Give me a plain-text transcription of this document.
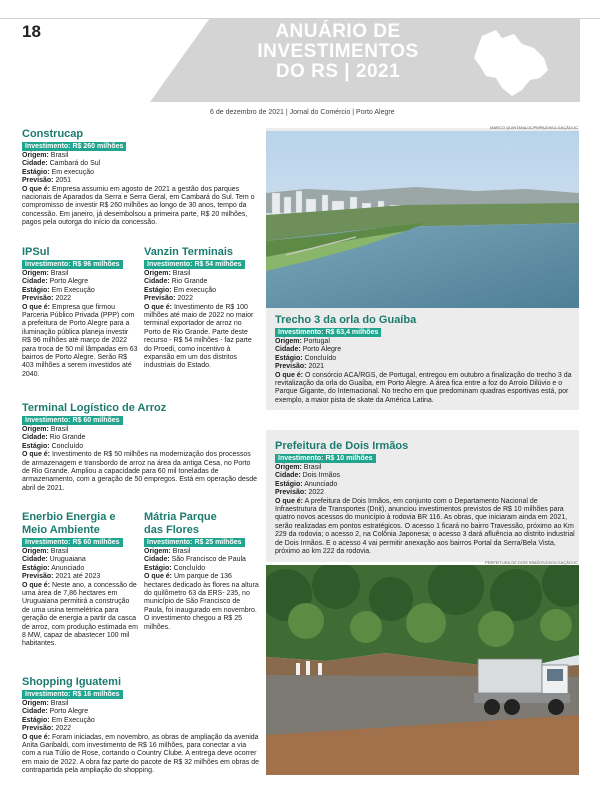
18	ANUÁRIO DE
INVESTIMENTOS
DO RS | 2021
6 de dezembro de 2021 | Jornal do Comércio | Porto Alegre
Construcap
Investimento: R$ 260 milhões
Origem: Brasil
Cidade: Cambará do Sul
Estágio: Em execução
Previsão: 2051
O que é: Empresa assumiu em agosto de 2021 a gestão dos parques nacionais de Aparados da Serra e Serra Geral, em Cambará do Sul. Tem o compromisso de investir R$ 260 milhões ao longo de 30 anos, tempo da concessão. Em janeiro, já desembolsou a primeira parte, R$ 20 milhões, pagos pela outorga do início da concessão.
IPSul
Investimento: R$ 96 milhões
Origem: Brasil
Cidade: Porto Alegre
Estágio: Em Execução
Previsão: 2022
O que é: Empresa que firmou Parceria Público Privada (PPP) com a prefeitura de Porto Alegre para a iluminação pública planeja investir R$ 96 milhões até março de 2022 para troca de 50 mil lâmpadas em 63 bairros de Porto Alegre. Serão R$ 403 milhões a serem investidos até 2040.
Vanzin Terminais
Investimento: R$ 54 milhões
Origem: Brasil
Cidade: Rio Grande
Estágio: Em execução
Previsão: 2022
O que é: Investimento de R$ 100 milhões até maio de 2022 no maior terminal exportador de arroz no Porto de Rio Grande. Parte deste recurso - R$ 54 milhões - faz parte do Proedi, como incentivo à expansão em um dos distritos industriais do Estado.
Terminal Logístico de Arroz
Investimento: R$ 60 milhões
Origem: Brasil
Cidade: Rio Grande
Estágio: Concluído
O que é: Investimento de R$ 50 milhões na modernização dos processos de armazenagem e transbordo de arroz na área da antiga Cesa, no Porto de Rio Grande. Ampliou a capacidade para 60 mil toneladas de armazenamento, com a geração de 50 empregos. Está em operação desde abril de 2021.
Enerbio Energia e
Meio Ambiente
Investimento: R$ 60 milhões
Origem: Brasil
Cidade: Uruguaiana
Estágio: Anunciado
Previsão: 2021 até 2023
O que é: Neste ano, a concessão de uma área de 7,86 hectares em Uruguaiana permitirá a construção de uma usina termelétrica para geração de energia a partir da casca de arroz, com produção estimada em 8 MW, capaz de abastecer 100 mil habitantes.
Mátria Parque
das Flores
Investimento: R$ 25 milhões
Origem: Brasil
Cidade: São Francisco de Paula
Estágio: Concluído
O que é: Um parque de 136 hectares dedicado às flores na altura do quilômetro 63 da ERS- 235, no município de São Francisco de Paula, foi inaugurado em novembro. O investimento chegou a R$ 25 milhões.
Shopping Iguatemi
Investimento: R$ 16 milhões
Origem: Brasil
Cidade: Porto Alegre
Estágio: Em Execução
Previsão: 2022
O que é: Foram iniciadas, em novembro, as obras de ampliação da avenida Anita Garibaldi, com investimento de R$ 16 milhões, para conectar a via com a rua Túlio de Rose, cortando o Country Clube. A entrega deve ocorrer em maio de 2022. A obra faz parte do pacote de R$ 32 milhões em obras de contrapartida pela ampliação do shopping.
MARCO QUINTANA/JC/PMPA/DIVULGAÇÃO/JC
Trecho 3 da orla do Guaíba
Investimento: R$ 63,4 milhões
Origem: Portugal
Cidade: Porto Alegre
Estágio: Concluído
Previsão: 2021
O que é: O consórcio ACA/RGS, de Portugal, entregou em outubro a finalização do trecho 3 da revitalização da orla do Guaíba, em Porto Alegre. A área fica entre a foz do Arroio Dilúvio e o Parque Gigante, do Internacional. No trecho em que predominam quadras esportivas está, por exemplo, a maior pista de skate da América Latina.
Prefeitura de Dois Irmãos
Investimento: R$ 10 milhões
Origem: Brasil
Cidade: Dois Irmãos
Estágio: Anunciado
Previsão: 2022
O que é: A prefeitura de Dois Irmãos, em conjunto com o Departamento Nacional de Infraestrutura de Transportes (Dnit), anunciou investimentos previstos de R$ 10 milhões para quatro novos acessos do município à rodovia BR 116. As obras, que iniciaram ainda em 2021, serão realizadas em pontos estratégicos. O acesso 1 ficará no bairro Travessão, próximo ao Km 229 da rodovia; o acesso 2, na Colônia Japonesa; o acesso 3 dará afluência ao distrito industrial de Dois Irmãos. E o acesso 4 vai permitir anexação aos bairros Portal da Serra/Bela Vista, próximo ao km 222 da rodovia.
PREFEITURA DE DOIS IRMÃOS/DIVULGAÇÃO/JC
